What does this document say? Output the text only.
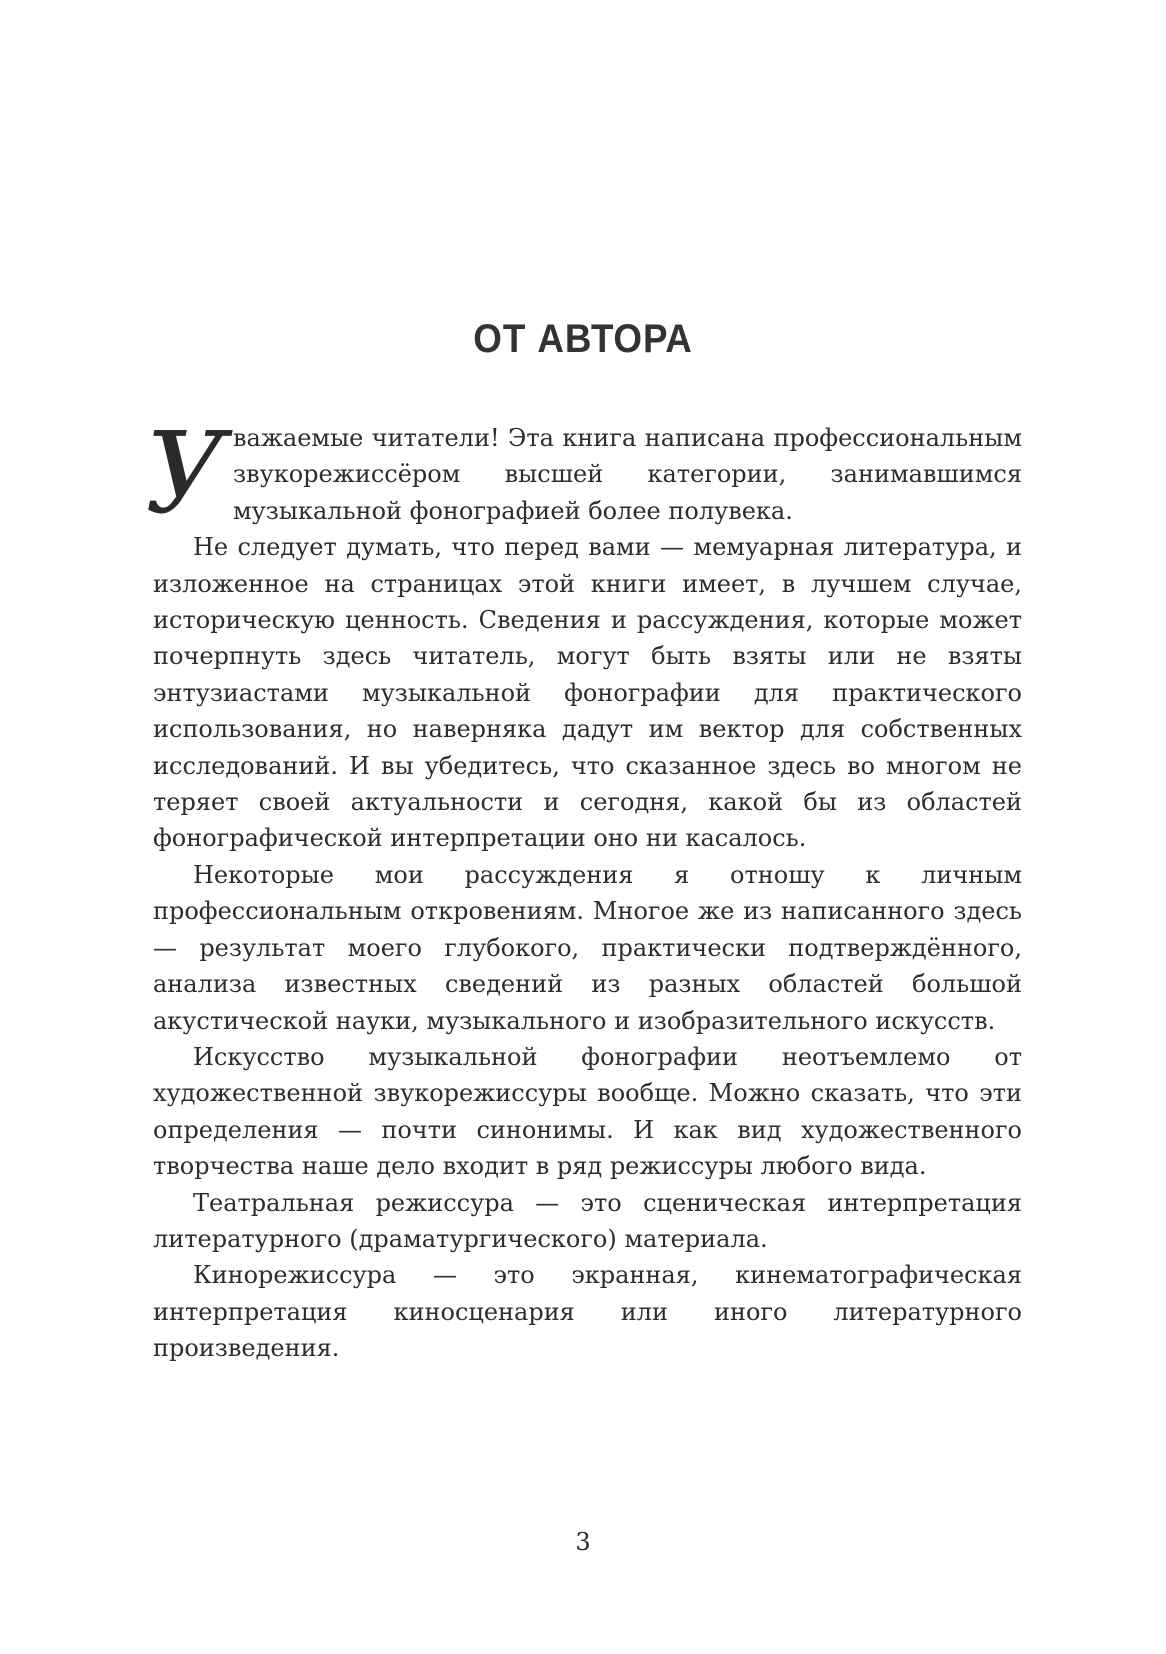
ОТ АВТОРА

У важаемые читатели! Эта книга написана профессиональным звукорежиссёром высшей категории, занимавшимся музыкальной фонографией более полувека.

Не следует думать, что перед вами — мемуарная литература, и изложенное на страницах этой книги имеет, в лучшем случае, историческую ценность. Сведения и рассуждения, которые может почерпнуть здесь читатель, могут быть взяты или не взяты энтузиастами музыкальной фонографии для практического использования, но наверняка дадут им вектор для собственных исследований. И вы убедитесь, что сказанное здесь во многом не теряет своей актуальности и сегодня, какой бы из областей фонографической интерпретации оно ни касалось.

Некоторые мои рассуждения я отношу к личным профессиональным откровениям. Многое же из написанного здесь — результат моего глубокого, практически подтверждённого, анализа известных сведений из разных областей большой акустической науки, музыкального и изобразительного искусств.

Искусство музыкальной фонографии неотъемлемо от художественной звукорежиссуры вообще. Можно сказать, что эти определения — почти синонимы. И как вид художественного творчества наше дело входит в ряд режиссуры любого вида.

Театральная режиссура — это сценическая интерпретация литературного (драматургического) материала.

Кинорежиссура — это экранная, кинематографическая интерпретация киносценария или иного литературного произведения.

3
